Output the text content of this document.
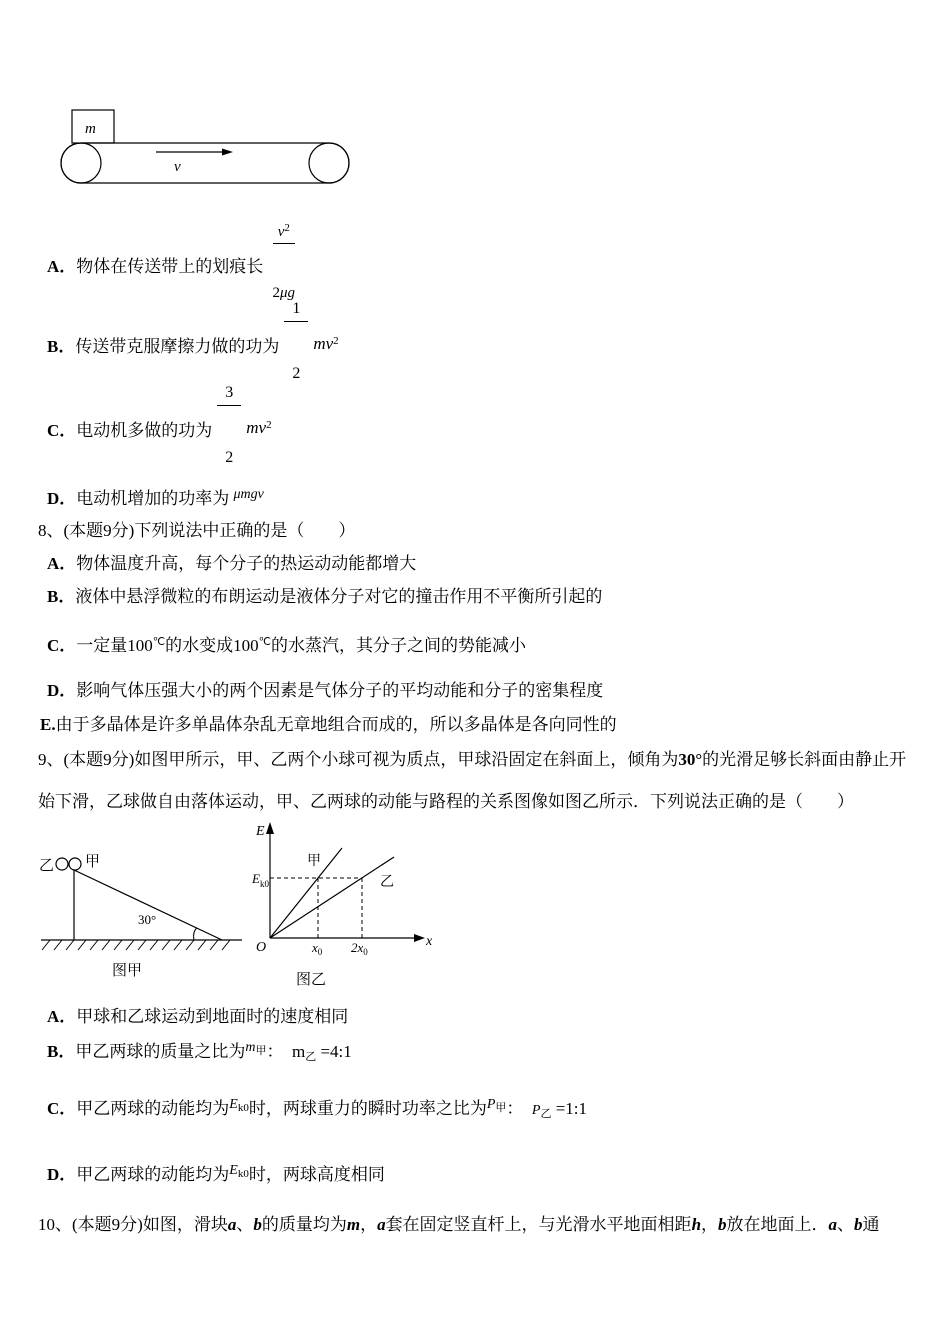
m
v
A．物体在传送带上的划痕长

$\frac{v^2}{2\mu g}$

B．传送带克服摩擦力做的功为

$\frac{1}{2}$

$mv^2$
C．电动机多做的功为

$\frac{3}{2}$

$mv^2$
D．电动机增加的功率为 μmgv
8、(本题9分)下列说法中正确的是（　　）
A．物体温度升高，每个分子的热运动动能都增大
B．液体中悬浮微粒的布朗运动是液体分子对它的撞击作用不平衡所引起的
C．一定量100℃的水变成100℃的水蒸汽，其分子之间的势能减小
D．影响气体压强大小的两个因素是气体分子的平均动能和分子的密集程度
E.由于多晶体是许多单晶体杂乱无章地组合而成的，所以多晶体是各向同性的
9、(本题9分)如图甲所示，甲、乙两个小球可视为质点，甲球沿固定在斜面上，倾角为30°的光滑足够长斜面由静止开
始下滑，乙球做自由落体运动，甲、乙两球的动能与路程的关系图像如图乙所示．下列说法正确的是（　　）
乙 甲
30°
图甲
E
x
O
甲
乙
$E_{k0}$
$x_0$ $2x_0$
图乙
A．甲球和乙球运动到地面时的速度相同
B．甲乙两球的质量之比为m甲：  $m_乙$ =4:1
C．甲乙两球的动能均为Ek0时，两球重力的瞬时功率之比为P甲：  $P_乙$ =1:1
D．甲乙两球的动能均为Ek0时，两球高度相同
10、(本题9分)如图，滑块a、b的质量均为m，a套在固定竖直杆上，与光滑水平地面相距h，b放在地面上．a、b通
